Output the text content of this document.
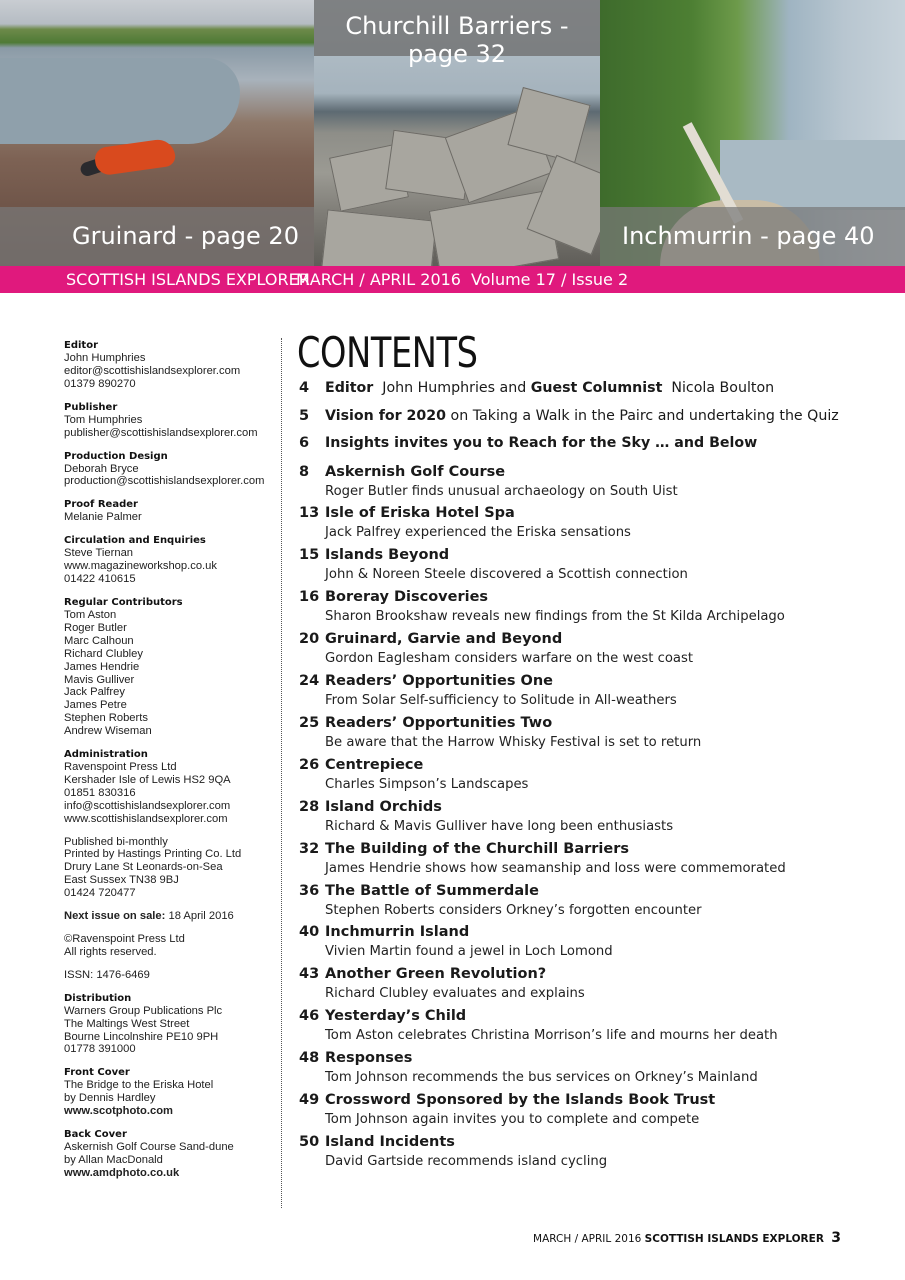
Churchill Barriers - page 32
Gruinard - page 20	Inchmurrin - page 40
SCOTTISH ISLANDS EXPLORER
MARCH / APRIL 2016 Volume 17 / Issue 2
Editor
John Humphries
editor@scottishislandsexplorer.com
01379 890270
Publisher
Tom Humphries
publisher@scottishislandsexplorer.com
Production Design
Deborah Bryce
production@scottishislandsexplorer.com
Proof Reader
Melanie Palmer
Circulation and Enquiries
Steve Tiernan
www.magazineworkshop.co.uk
01422 410615
Regular Contributors
Tom Aston
Roger Butler
Marc Calhoun
Richard Clubley
James Hendrie
Mavis Gulliver
Jack Palfrey
James Petre
Stephen Roberts
Andrew Wiseman
Administration
Ravenspoint Press Ltd
Kershader Isle of Lewis HS2 9QA
01851 830316
info@scottishislandsexplorer.com
www.scottishislandsexplorer.com
Published bi-monthly
Printed by Hastings Printing Co. Ltd
Drury Lane St Leonards-on-Sea
East Sussex TN38 9BJ
01424 720477
Next issue on sale: 18 April 2016
©Ravenspoint Press Ltd
All rights reserved.
ISSN: 1476-6469
Distribution
Warners Group Publications Plc
The Maltings West Street
Bourne Lincolnshire PE10 9PH
01778 391000
Front Cover
The Bridge to the Eriska Hotel
by Dennis Hardley
www.scotphoto.com
Back Cover
Askernish Golf Course Sand-dune
by Allan MacDonald
www.amdphoto.co.uk
CONTENTS
4 Editor  John Humphries and Guest Columnist  Nicola Boulton
5 Vision for 2020 on Taking a Walk in the Pairc and undertaking the Quiz
6 Insights invites you to Reach for the Sky … and Below
8 Askernish Golf Course
Roger Butler finds unusual archaeology on South Uist
13 Isle of Eriska Hotel Spa
Jack Palfrey experienced the Eriska sensations
15 Islands Beyond
John & Noreen Steele discovered a Scottish connection
16 Boreray Discoveries
Sharon Brookshaw reveals new findings from the St Kilda Archipelago
20 Gruinard, Garvie and Beyond
Gordon Eaglesham considers warfare on the west coast
24 Readers’ Opportunities One
From Solar Self-sufficiency to Solitude in All-weathers
25 Readers’ Opportunities Two
Be aware that the Harrow Whisky Festival is set to return
26 Centrepiece
Charles Simpson’s Landscapes
28 Island Orchids
Richard & Mavis Gulliver have long been enthusiasts
32 The Building of the Churchill Barriers
James Hendrie shows how seamanship and loss were commemorated
36 The Battle of Summerdale
Stephen Roberts considers Orkney’s forgotten encounter
40 Inchmurrin Island
Vivien Martin found a jewel in Loch Lomond
43 Another Green Revolution?
Richard Clubley evaluates and explains
46 Yesterday’s Child
Tom Aston celebrates Christina Morrison’s life and mourns her death
48 Responses
Tom Johnson recommends the bus services on Orkney’s Mainland
49 Crossword Sponsored by the Islands Book Trust
Tom Johnson again invites you to complete and compete
50 Island Incidents
David Gartside recommends island cycling
MARCH / APRIL 2016 SCOTTISH ISLANDS EXPLORER 3
